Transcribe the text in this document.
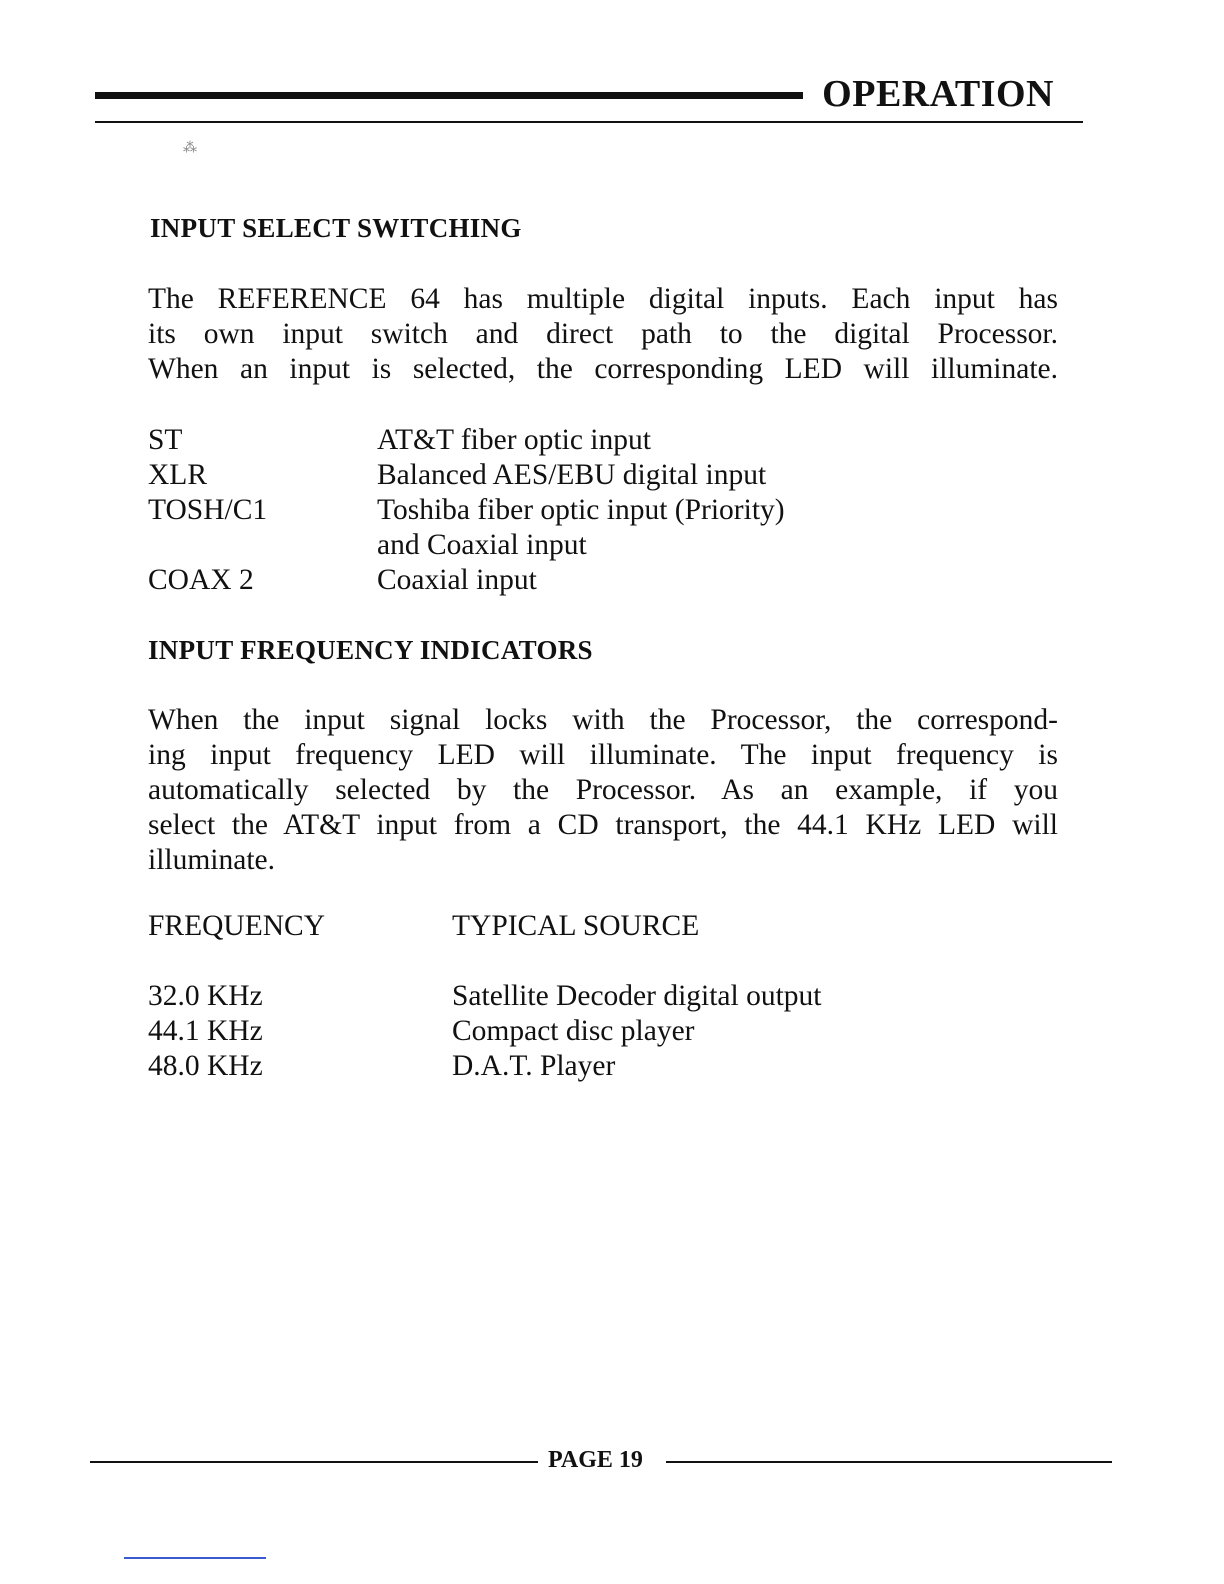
OPERATION
⁂
INPUT SELECT SWITCHING
The REFERENCE 64 has multiple digital inputs. Each input has
its own input switch and direct path to the digital Processor.
When an input is selected, the corresponding LED will illuminate.
ST	AT&T fiber optic input
XLR	Balanced AES/EBU digital input
TOSH/C1	Toshiba fiber optic input (Priority)
and Coaxial input
COAX 2	Coaxial input
INPUT FREQUENCY INDICATORS
When the input signal locks with the Processor, the correspond-
ing input frequency LED will illuminate. The input frequency is
automatically selected by the Processor. As an example, if you
select the AT&T input from a CD transport, the 44.1 KHz LED will
illuminate.
FREQUENCY	TYPICAL SOURCE
32.0 KHz	Satellite Decoder digital output
44.1 KHz	Compact disc player
48.0 KHz	D.A.T. Player
PAGE 19
